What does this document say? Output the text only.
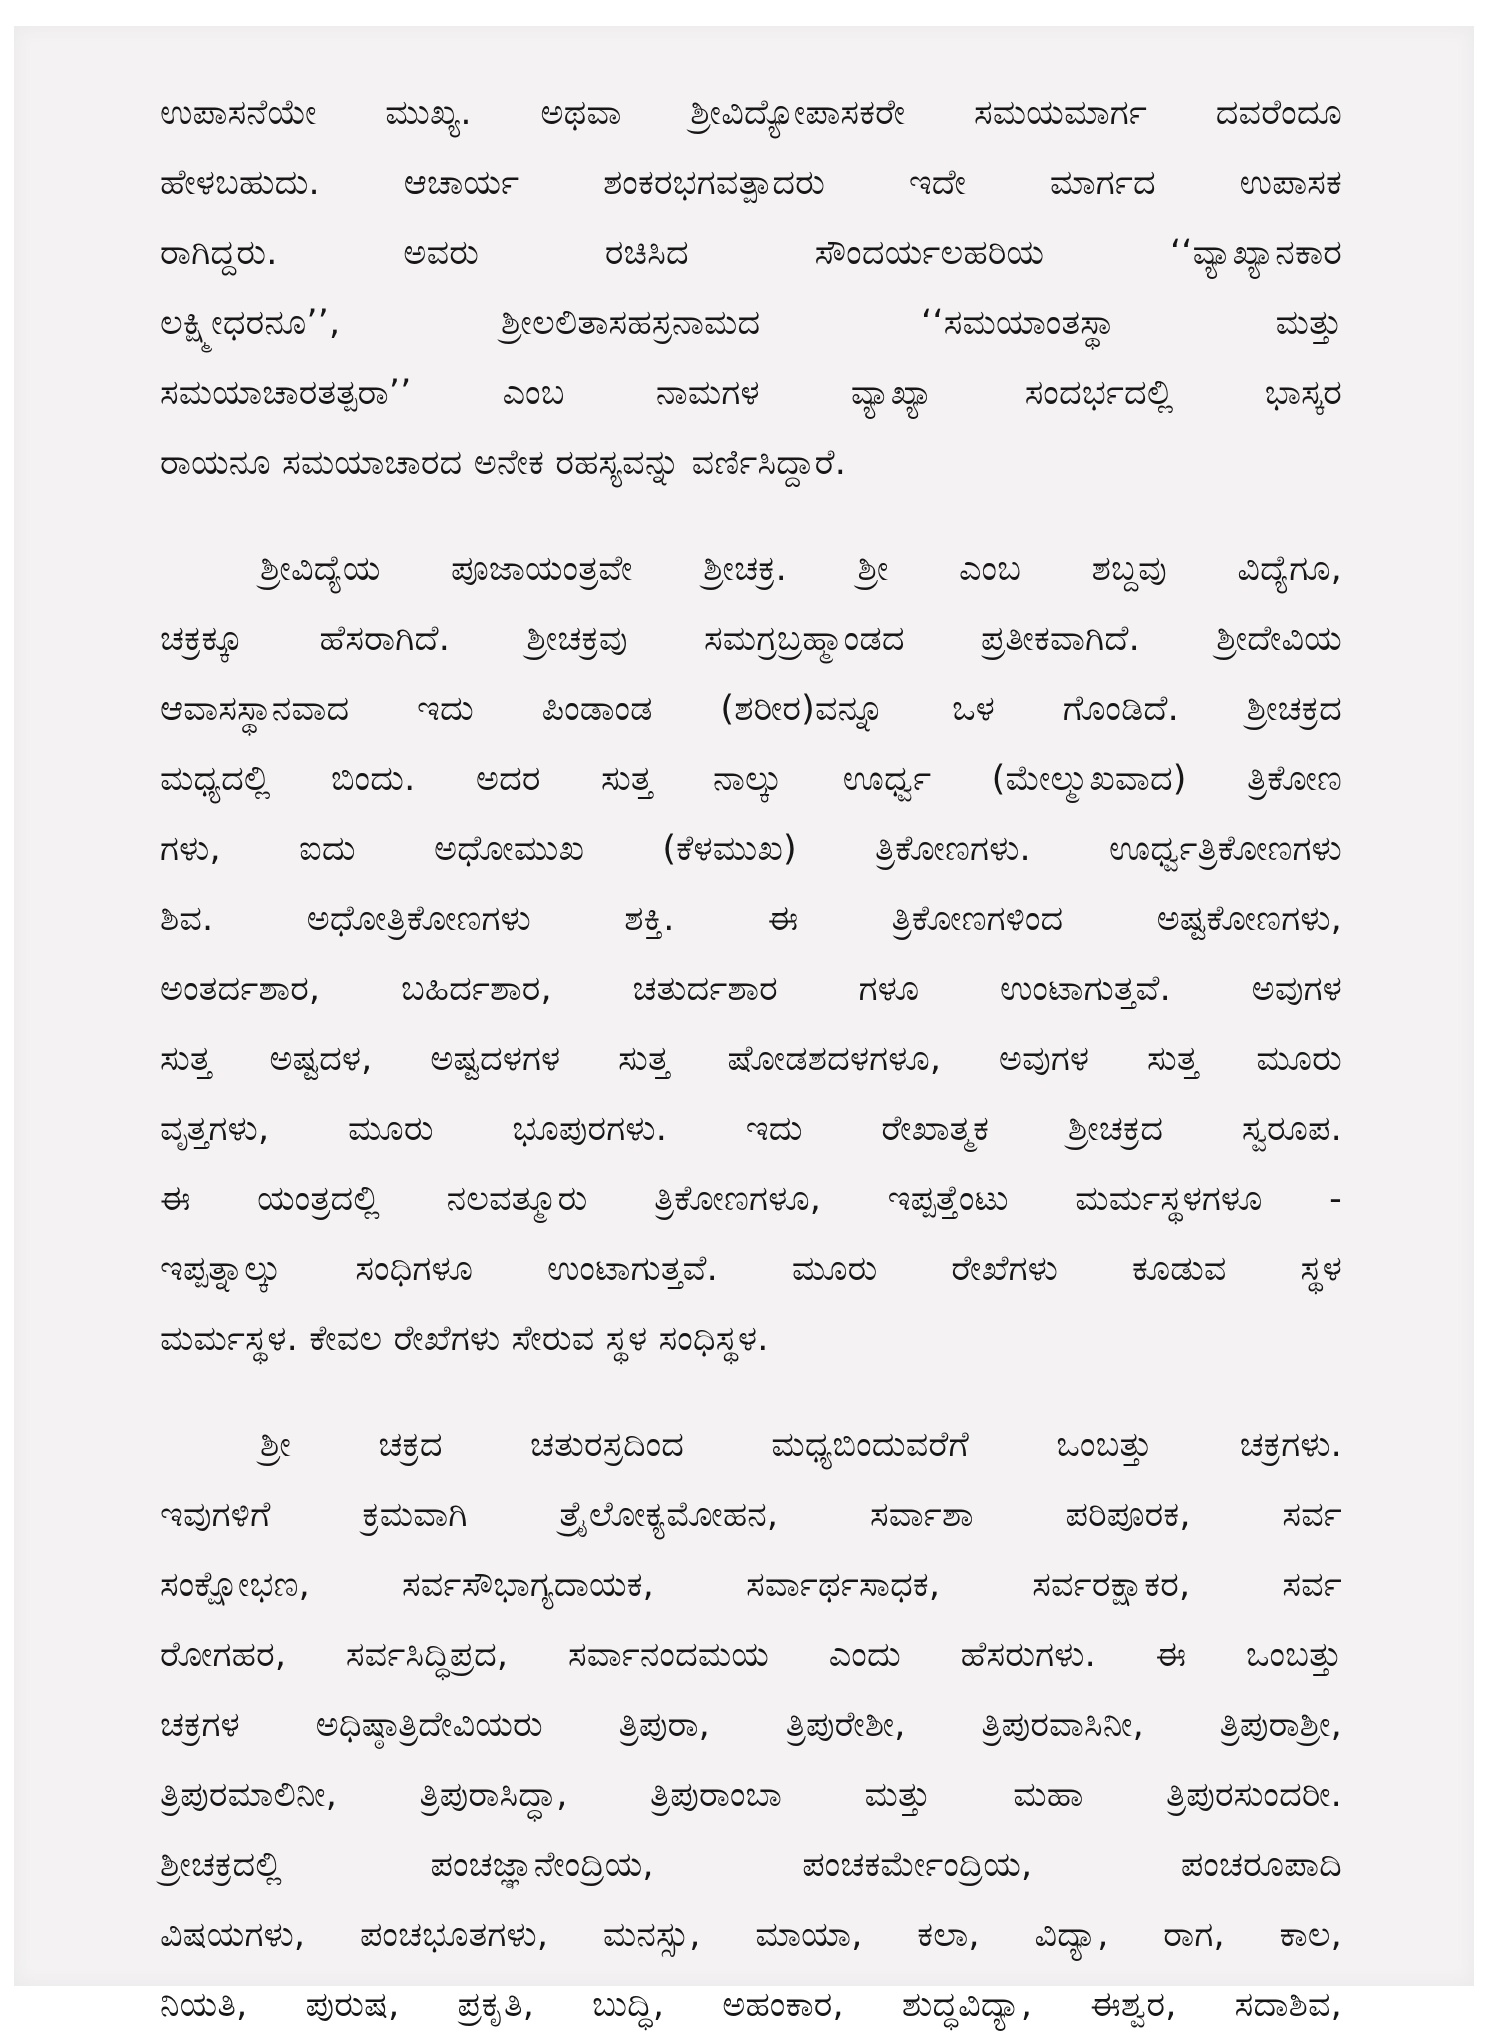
ಉಪಾಸನೆಯೇ ಮುಖ್ಯ. ಅಥವಾ ಶ್ರೀವಿದ್ಯೋಪಾಸಕರೇ ಸಮಯಮಾರ್ಗ ದವರೆಂದೂ
ಹೇಳಬಹುದು. ಆಚಾರ್ಯ ಶಂಕರಭಗವತ್ಪಾದರು ಇದೇ ಮಾರ್ಗದ ಉಪಾಸಕ
ರಾಗಿದ್ದರು. ಅವರು ರಚಿಸಿದ ಸೌಂದರ್ಯಲಹರಿಯ ‘‘ವ್ಯಾಖ್ಯಾನಕಾರ
ಲಕ್ಷ್ಮೀಧರನೂ’’, ಶ್ರೀಲಲಿತಾಸಹಸ್ರನಾಮದ ‘‘ಸಮಯಾಂತಸ್ಥಾ ಮತ್ತು
ಸಮಯಾಚಾರತತ್ಪರಾ’’ ಎಂಬ ನಾಮಗಳ ವ್ಯಾಖ್ಯಾ ಸಂದರ್ಭದಲ್ಲಿ ಭಾಸ್ಕರ
ರಾಯನೂ ಸಮಯಾಚಾರದ ಅನೇಕ ರಹಸ್ಯವನ್ನು ವರ್ಣಿಸಿದ್ದಾರೆ.
ಶ್ರೀವಿದ್ಯೆಯ ಪೂಜಾಯಂತ್ರವೇ ಶ್ರೀಚಕ್ರ. ಶ್ರೀ ಎಂಬ ಶಬ್ದವು ವಿದ್ಯೆಗೂ,
ಚಕ್ರಕ್ಕೂ ಹೆಸರಾಗಿದೆ. ಶ್ರೀಚಕ್ರವು ಸಮಗ್ರಬ್ರಹ್ಮಾಂಡದ ಪ್ರತೀಕವಾಗಿದೆ. ಶ್ರೀದೇವಿಯ
ಆವಾಸಸ್ಥಾನವಾದ ಇದು ಪಿಂಡಾಂಡ (ಶರೀರ)ವನ್ನೂ ಒಳ ಗೊಂಡಿದೆ. ಶ್ರೀಚಕ್ರದ
ಮಧ್ಯದಲ್ಲಿ ಬಿಂದು. ಅದರ ಸುತ್ತ ನಾಲ್ಕು ಊರ್ಧ್ವ (ಮೇಲ್ಮುಖವಾದ) ತ್ರಿಕೋಣ
ಗಳು, ಐದು ಅಧೋಮುಖ (ಕೆಳಮುಖ) ತ್ರಿಕೋಣಗಳು. ಊರ್ಧ್ವತ್ರಿಕೋಣಗಳು
ಶಿವ. ಅಧೋತ್ರಿಕೋಣಗಳು ಶಕ್ತಿ. ಈ ತ್ರಿಕೋಣಗಳಿಂದ ಅಷ್ಟಕೋಣಗಳು,
ಅಂತರ್ದಶಾರ, ಬಹಿರ್ದಶಾರ, ಚತುರ್ದಶಾರ ಗಳೂ ಉಂಟಾಗುತ್ತವೆ. ಅವುಗಳ
ಸುತ್ತ ಅಷ್ಟದಳ, ಅಷ್ಟದಳಗಳ ಸುತ್ತ ಷೋಡಶದಳಗಳೂ, ಅವುಗಳ ಸುತ್ತ ಮೂರು
ವೃತ್ತಗಳು, ಮೂರು ಭೂಪುರಗಳು. ಇದು ರೇಖಾತ್ಮಕ ಶ್ರೀಚಕ್ರದ ಸ್ವರೂಪ.
ಈ ಯಂತ್ರದಲ್ಲಿ ನಲವತ್ಮೂರು ತ್ರಿಕೋಣಗಳೂ, ಇಪ್ಪತ್ತೆಂಟು ಮರ್ಮಸ್ಥಳಗಳೂ -
ಇಪ್ಪತ್ನಾಲ್ಕು ಸಂಧಿಗಳೂ ಉಂಟಾಗುತ್ತವೆ. ಮೂರು ರೇಖೆಗಳು ಕೂಡುವ ಸ್ಥಳ
ಮರ್ಮಸ್ಥಳ. ಕೇವಲ ರೇಖೆಗಳು ಸೇರುವ ಸ್ಥಳ ಸಂಧಿಸ್ಥಳ.
ಶ್ರೀ ಚಕ್ರದ ಚತುರಸ್ರದಿಂದ ಮಧ್ಯಬಿಂದುವರೆಗೆ ಒಂಬತ್ತು ಚಕ್ರಗಳು.
ಇವುಗಳಿಗೆ ಕ್ರಮವಾಗಿ ತ್ರೈಲೋಕ್ಯಮೋಹನ, ಸರ್ವಾಶಾ ಪರಿಪೂರಕ, ಸರ್ವ
ಸಂಕ್ಷೋಭಣ, ಸರ್ವಸೌಭಾಗ್ಯದಾಯಕ, ಸರ್ವಾರ್ಥಸಾಧಕ, ಸರ್ವರಕ್ಷಾಕರ, ಸರ್ವ
ರೋಗಹರ, ಸರ್ವಸಿದ್ಧಿಪ್ರದ, ಸರ್ವಾನಂದಮಯ ಎಂದು ಹೆಸರುಗಳು. ಈ ಒಂಬತ್ತು
ಚಕ್ರಗಳ ಅಧಿಷ್ಠಾತ್ರಿದೇವಿಯರು ತ್ರಿಪುರಾ, ತ್ರಿಪುರೇಶೀ, ತ್ರಿಪುರವಾಸಿನೀ, ತ್ರಿಪುರಾಶ್ರೀ,
ತ್ರಿಪುರಮಾಲಿನೀ, ತ್ರಿಪುರಾಸಿದ್ಧಾ, ತ್ರಿಪುರಾಂಬಾ ಮತ್ತು ಮಹಾ ತ್ರಿಪುರಸುಂದರೀ.
ಶ್ರೀಚಕ್ರದಲ್ಲಿ ಪಂಚಜ್ಞಾನೇಂದ್ರಿಯ, ಪಂಚಕರ್ಮೇಂದ್ರಿಯ, ಪಂಚರೂಪಾದಿ
ವಿಷಯಗಳು, ಪಂಚಭೂತಗಳು, ಮನಸ್ಸು, ಮಾಯಾ, ಕಲಾ, ವಿದ್ಯಾ, ರಾಗ, ಕಾಲ,
ನಿಯತಿ, ಪುರುಷ, ಪ್ರಕೃತಿ, ಬುದ್ಧಿ, ಅಹಂಕಾರ, ಶುದ್ಧವಿದ್ಯಾ, ಈಶ್ವರ, ಸದಾಶಿವ,
